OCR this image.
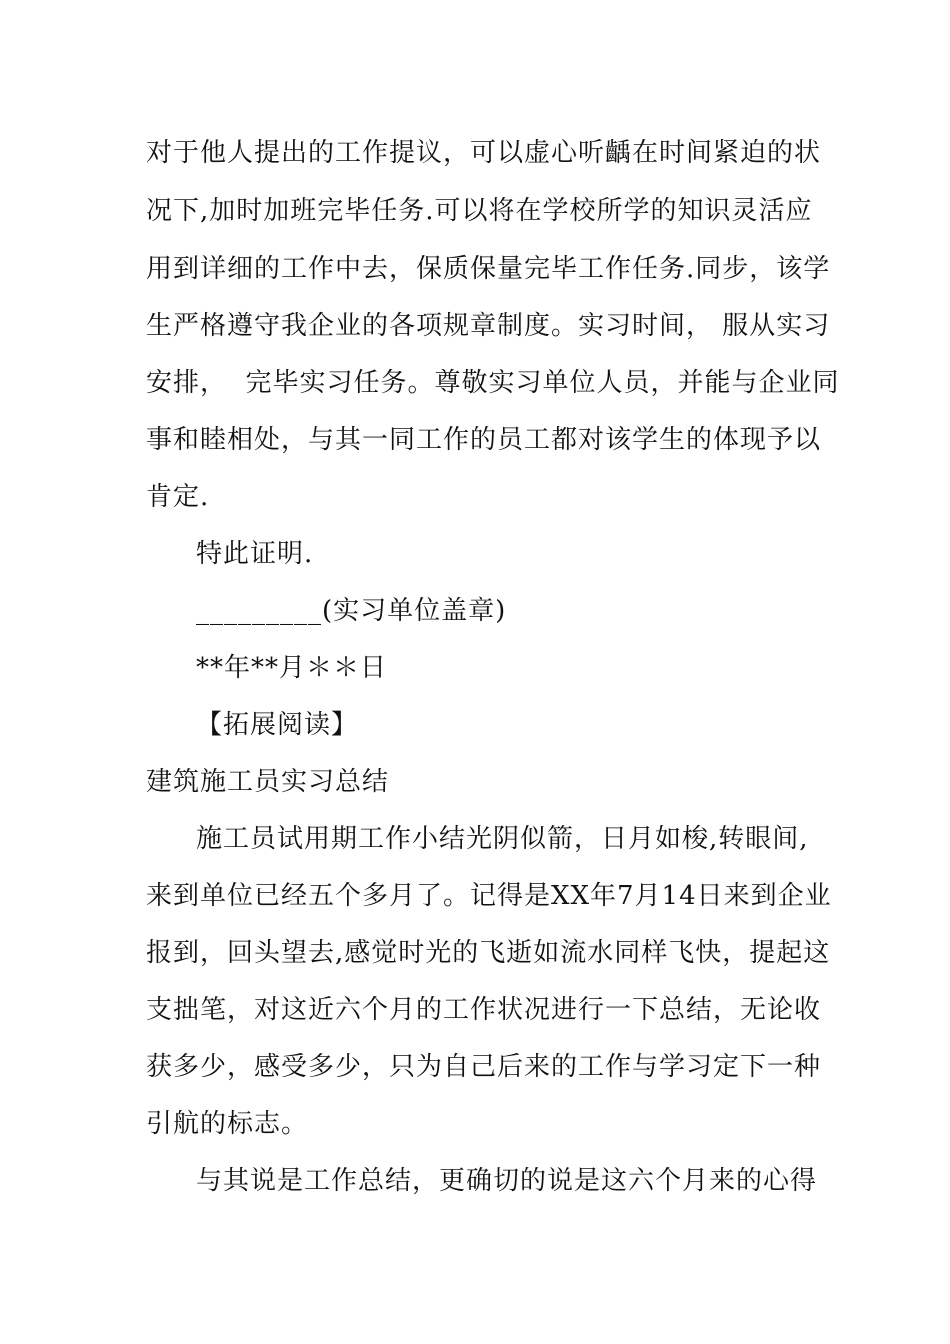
对于他人提出的工作提议，可以虚心听齲在时间紧迫的状
况下,加时加班完毕任务.可以将在学校所学的知识灵活应
用到详细的工作中去，保质保量完毕工作任务.同步，该学
生严格遵守我企业的各项规章制度。实习时间， 服从实习
安排，  完毕实习任务。尊敬实习单位人员，并能与企业同
事和睦相处，与其一同工作的员工都对该学生的体现予以
肯定.
特此证明.
_________(实习单位盖章)
**年**月＊＊日
【拓展阅读】
建筑施工员实习总结
施工员试用期工作小结光阴似箭，日月如梭,转眼间,
来到单位已经五个多月了。记得是XX年7月14日来到企业
报到，回头望去,感觉时光的飞逝如流水同样飞快，提起这
支拙笔，对这近六个月的工作状况进行一下总结，无论收
获多少，感受多少，只为自己后来的工作与学习定下一种
引航的标志。
与其说是工作总结，更确切的说是这六个月来的心得
